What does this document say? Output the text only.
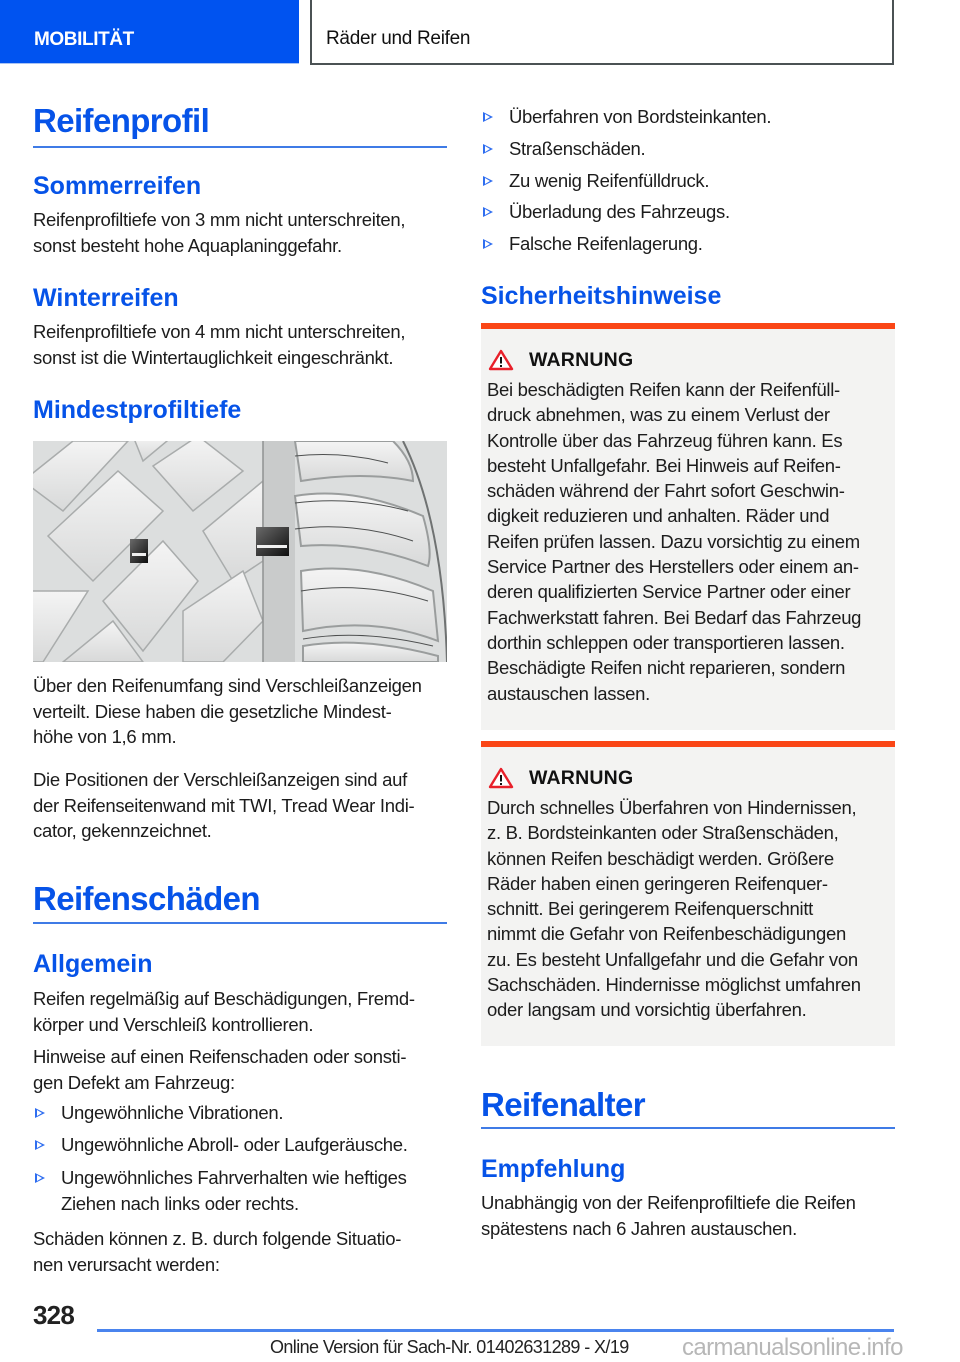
MOBILITÄT	Räder und Reifen
Reifenprofil
Sommerreifen
Reifenprofiltiefe von 3 mm nicht unterschreiten,
sonst besteht hohe Aquaplaninggefahr.
Winterreifen
Reifenprofiltiefe von 4 mm nicht unterschreiten,
sonst ist die Wintertauglichkeit eingeschränkt.
Mindestprofiltiefe
Über den Reifenumfang sind Verschleißanzeigen
verteilt. Diese haben die gesetzliche Mindest-
höhe von 1,6 mm.
Die Positionen der Verschleißanzeigen sind auf
der Reifenseitenwand mit TWI, Tread Wear Indi-
cator, gekennzeichnet.
Reifenschäden
Allgemein
Reifen regelmäßig auf Beschädigungen, Fremd-
körper und Verschleiß kontrollieren.
Hinweise auf einen Reifenschaden oder sonsti-
gen Defekt am Fahrzeug:
Ungewöhnliche Vibrationen.
Ungewöhnliche Abroll- oder Laufgeräusche.
Ungewöhnliches Fahrverhalten wie heftiges
Ziehen nach links oder rechts.
Schäden können z. B. durch folgende Situatio-
nen verursacht werden:
Überfahren von Bordsteinkanten.
Straßenschäden.
Zu wenig Reifenfülldruck.
Überladung des Fahrzeugs.
Falsche Reifenlagerung.
Sicherheitshinweise
WARNUNG
Bei beschädigten Reifen kann der Reifenfüll-
druck abnehmen, was zu einem Verlust der
Kontrolle über das Fahrzeug führen kann. Es
besteht Unfallgefahr. Bei Hinweis auf Reifen-
schäden während der Fahrt sofort Geschwin-
digkeit reduzieren und anhalten. Räder und
Reifen prüfen lassen. Dazu vorsichtig zu einem
Service Partner des Herstellers oder einem an-
deren qualifizierten Service Partner oder einer
Fachwerkstatt fahren. Bei Bedarf das Fahrzeug
dorthin schleppen oder transportieren lassen.
Beschädigte Reifen nicht reparieren, sondern
austauschen lassen.
WARNUNG
Durch schnelles Überfahren von Hindernissen,
z. B. Bordsteinkanten oder Straßenschäden,
können Reifen beschädigt werden. Größere
Räder haben einen geringeren Reifenquer-
schnitt. Bei geringerem Reifenquerschnitt
nimmt die Gefahr von Reifenbeschädigungen
zu. Es besteht Unfallgefahr und die Gefahr von
Sachschäden. Hindernisse möglichst umfahren
oder langsam und vorsichtig überfahren.
Reifenalter
Empfehlung
Unabhängig von der Reifenprofiltiefe die Reifen
spätestens nach 6 Jahren austauschen.
328
Online Version für Sach-Nr. 01402631289 - X/19 carmanualsonline.info
